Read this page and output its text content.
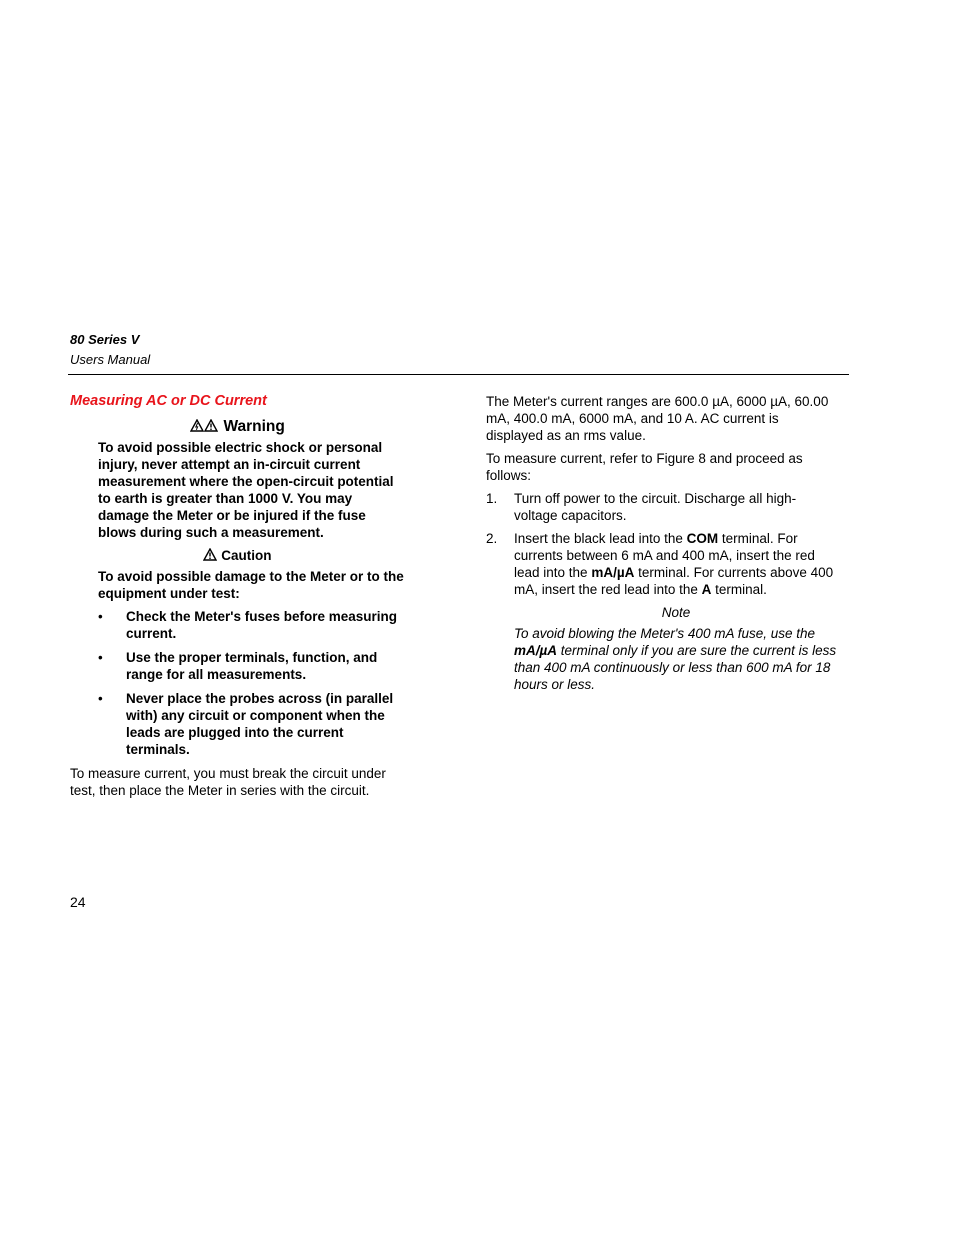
80 Series V
Users Manual
Measuring AC or DC Current
Warning

To avoid possible electric shock or personal injury, never attempt an in-circuit current measurement where the open-circuit potential to earth is greater than 1000 V. You may damage the Meter or be injured if the fuse blows during such a measurement.

Caution

To avoid possible damage to the Meter or to the equipment under test:

• Check the Meter's fuses before measuring current.
• Use the proper terminals, function, and range for all measurements.
• Never place the probes across (in parallel with) any circuit or component when the leads are plugged into the current terminals.

To measure current, you must break the circuit under test, then place the Meter in series with the circuit.

The Meter's current ranges are 600.0 µA, 6000 µA, 60.00 mA, 400.0 mA, 6000 mA, and 10 A. AC current is displayed as an rms value.

To measure current, refer to Figure 8 and proceed as follows:

1. Turn off power to the circuit. Discharge all high-voltage capacitors.
2. Insert the black lead into the COM terminal. For currents between 6 mA and 400 mA, insert the red lead into the mA/µA terminal. For currents above 400 mA, insert the red lead into the A terminal.
Note

To avoid blowing the Meter's 400 mA fuse, use the mA/µA terminal only if you are sure the current is less than 400 mA continuously or less than 600 mA for 18 hours or less.

24
